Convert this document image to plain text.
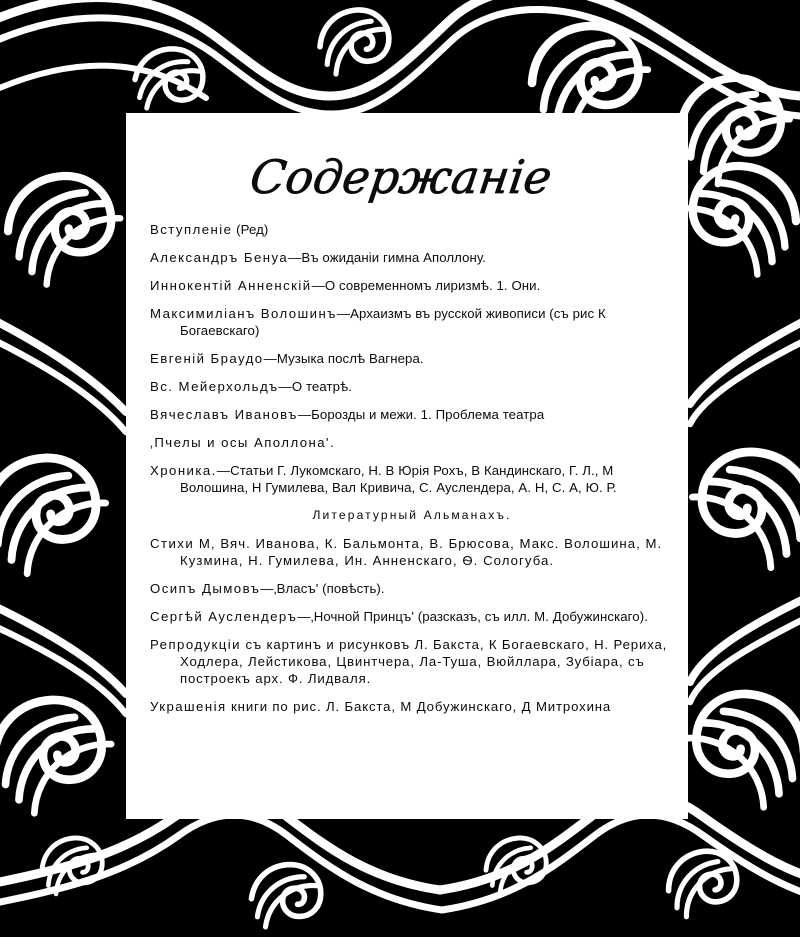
Содержаніе
Вступленіе (Ред)
Александръ Бенуа—Въ ожиданіи гимна Аполлону.
Иннокентій Анненскій—О современномъ лиризмѣ. 1. Они.
Максимиліанъ Волошинъ—Архаизмъ въ русской живописи (съ рис К Богаевскаго)
Евгеній Браудо—Музыка послѣ Вагнера.
Вс. Мейерхольдъ—О театрѣ.
Вячеславъ Ивановъ—Борозды и межи. 1. Проблема театра
‚Пчелы и осы Аполлона'.
Хроника.—Статьи Г. Лукомскаго, Н. В Юрія Рохъ, В Кандинскаго, Г. Л., М Волошина, Н Гумилева, Вал Кривича, С. Ауслендера, А. Н, С. А, Ю. Р.
Литературный Альманахъ.
Стихи М, Вяч. Иванова, К. Бальмонта, В. Брюсова, Макс. Волошина, М. Кузмина, Н. Гумилева, Ин. Анненскаго, Ѳ. Сологуба.
Осипъ Дымовъ—‚Власъ' (повѣсть).
Сергѣй Ауслендеръ—‚Ночной Принцъ' (разсказъ, съ илл. М. Добужинскаго).
Репродукціи съ картинъ и рисунковъ Л. Бакста, К Богаевскаго, Н. Рериха, Ходлера, Лейстикова, Цвинтчера, Ла-Туша, Вюйллара, Зубіара, съ построекъ арх. Ф. Лидваля.
Украшенія книги по рис. Л. Бакста, М Добужинскаго, Д Митрохина
